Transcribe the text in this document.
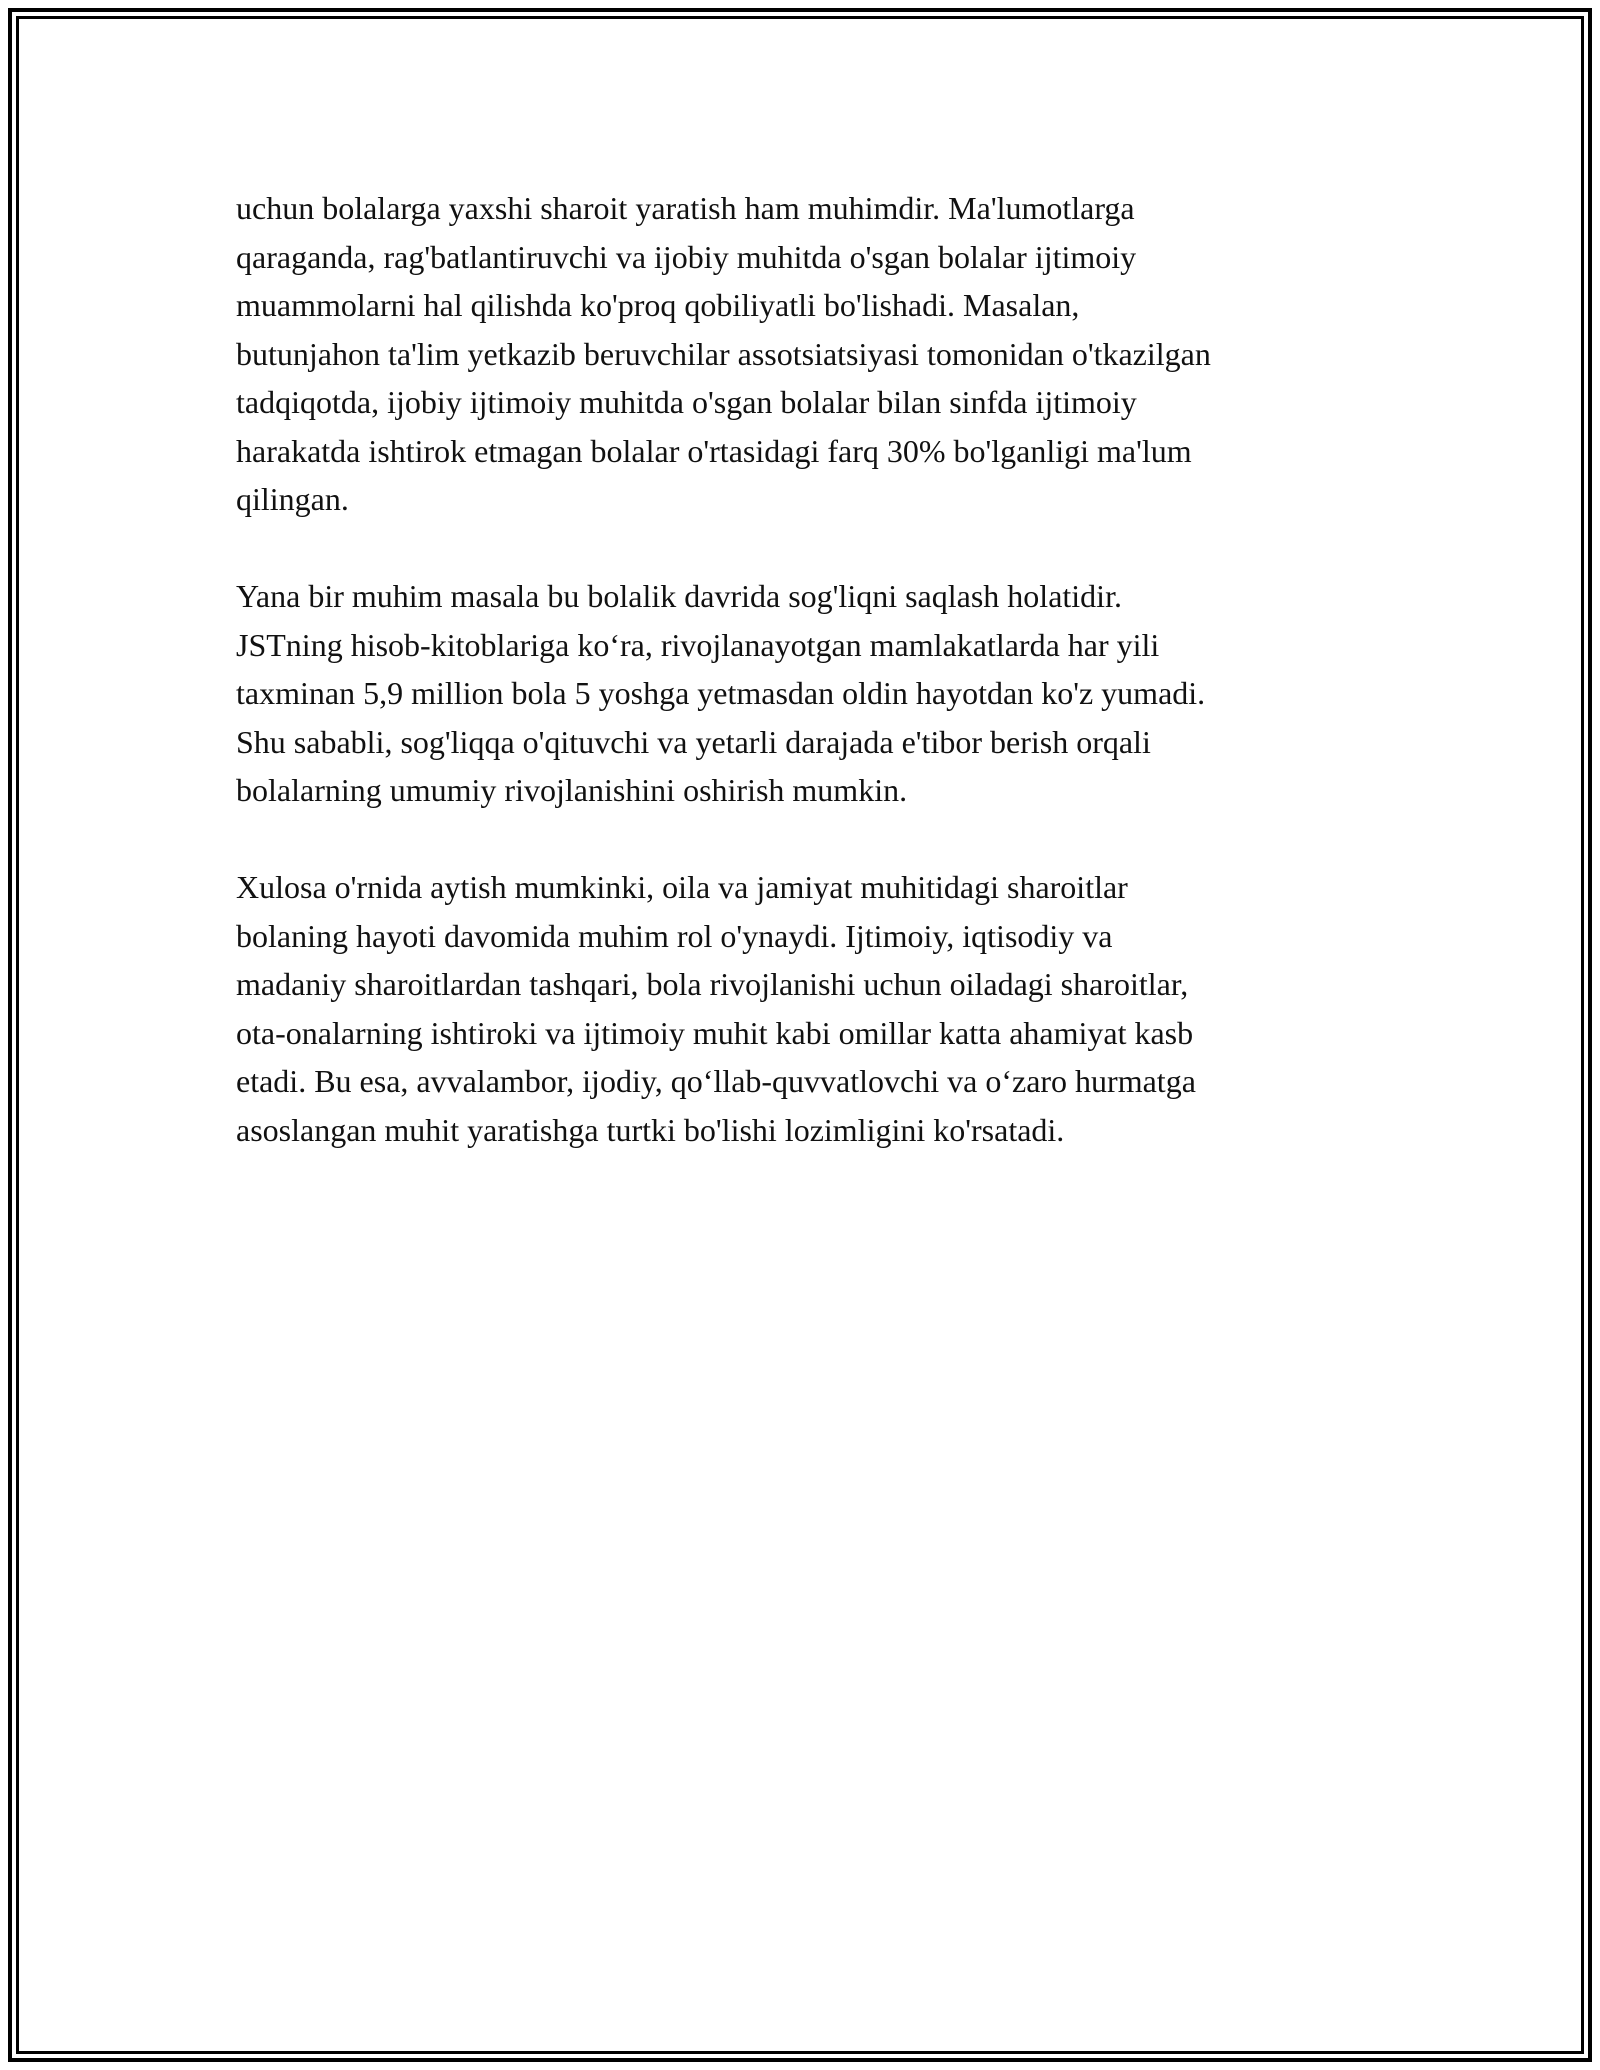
uchun bolalarga yaxshi sharoit yaratish ham muhimdir. Ma'lumotlarga
qaraganda, rag'batlantiruvchi va ijobiy muhitda o'sgan bolalar ijtimoiy
muammolarni hal qilishda ko'proq qobiliyatli bo'lishadi. Masalan,
butunjahon ta'lim yetkazib beruvchilar assotsiatsiyasi tomonidan o'tkazilgan
tadqiqotda, ijobiy ijtimoiy muhitda o'sgan bolalar bilan sinfda ijtimoiy
harakatda ishtirok etmagan bolalar o'rtasidagi farq 30% bo'lganligi ma'lum
qilingan.

Yana bir muhim masala bu bolalik davrida sog'liqni saqlash holatidir.
JSTning hisob-kitoblariga ko‘ra, rivojlanayotgan mamlakatlarda har yili
taxminan 5,9 million bola 5 yoshga yetmasdan oldin hayotdan ko'z yumadi.
Shu sababli, sog'liqqa o'qituvchi va yetarli darajada e'tibor berish orqali
bolalarning umumiy rivojlanishini oshirish mumkin.

Xulosa o'rnida aytish mumkinki, oila va jamiyat muhitidagi sharoitlar
bolaning hayoti davomida muhim rol o'ynaydi. Ijtimoiy, iqtisodiy va
madaniy sharoitlardan tashqari, bola rivojlanishi uchun oiladagi sharoitlar,
ota-onalarning ishtiroki va ijtimoiy muhit kabi omillar katta ahamiyat kasb
etadi. Bu esa, avvalambor, ijodiy, qo‘llab-quvvatlovchi va o‘zaro hurmatga
asoslangan muhit yaratishga turtki bo'lishi lozimligini ko'rsatadi.
